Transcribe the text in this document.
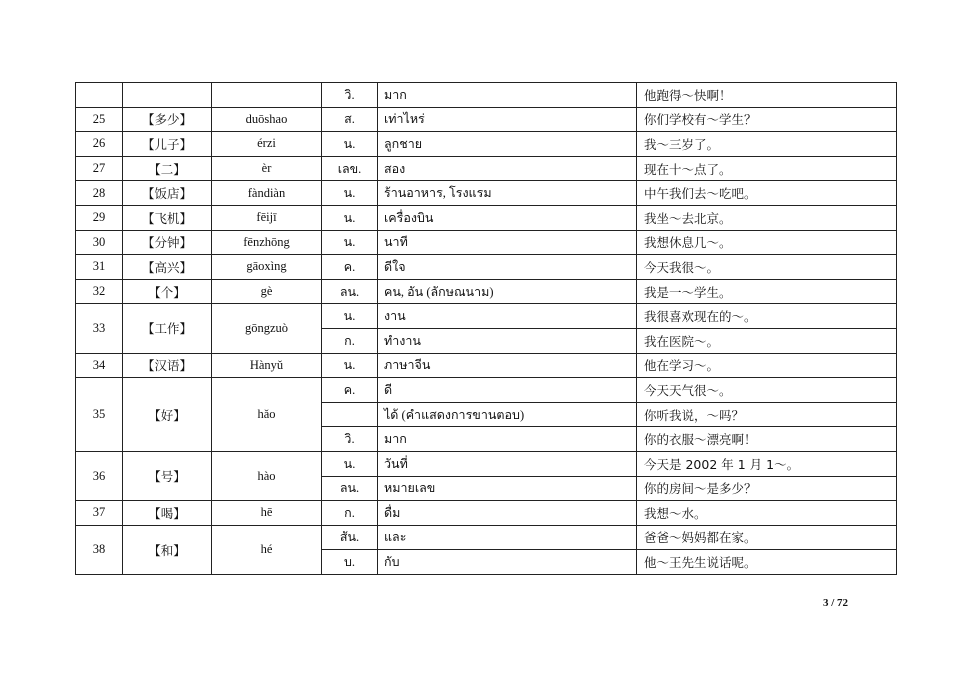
			วิ.	มาก	他跑得～快啊！
25	【多少】	duōshao	ส.	เท่าไหร่	你们学校有～学生？
26	【儿子】	érzi	น.	ลูกชาย	我～三岁了。
27	【二】	èr	เลข.	สอง	现在十～点了。
28	【饭店】	fàndiàn	น.	ร้านอาหาร, โรงแรม	中午我们去～吃吧。
29	【飞机】	fēijī	น.	เครื่องบิน	我坐～去北京。
30	【分钟】	fēnzhōng	น.	นาที	我想休息几～。
31	【高兴】	gāoxìng	ค.	ดีใจ	今天我很～。
32	【个】	gè	ลน.	คน, อัน (ลักษณนาม)	我是一～学生。
33	【工作】	gōngzuò	น.	งาน	我很喜欢现在的～。
			ก.	ทำงาน	我在医院～。
34	【汉语】	Hànyǔ	น.	ภาษาจีน	他在学习～。
35	【好】	hǎo	ค.	ดี	今天天气很～。
				ได้ (คำแสดงการขานตอบ)	你听我说，～吗？
			วิ.	มาก	你的衣服～漂亮啊！
36	【号】	hào	น.	วันที่	今天是 2002 年 1 月 1～。
			ลน.	หมายเลข	你的房间～是多少？
37	【喝】	hē	ก.	ดื่ม	我想～水。
38	【和】	hé	สัน.	และ	爸爸～妈妈都在家。
			บ.	กับ	他～王先生说话呢。
3 / 72
